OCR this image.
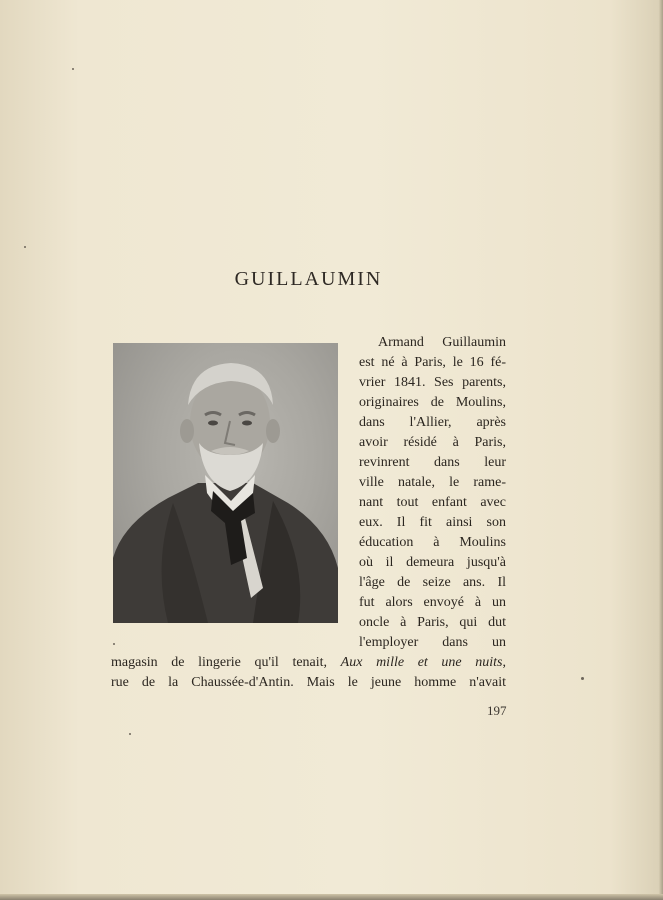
GUILLAUMIN
Armand Guillaumin
est né à Paris, le 16 fé-
vrier 1841. Ses parents,
originaires de Moulins,
dans l'Allier, après
avoir résidé à Paris,
revinrent dans leur
ville natale, le rame-
nant tout enfant avec
eux. Il fit ainsi son
éducation à Moulins
où il demeura jusqu'à
l'âge de seize ans. Il
fut alors envoyé à un
oncle à Paris, qui dut
l'employer dans un
magasin de lingerie qu'il tenait, Aux mille et une nuits,
rue de la Chaussée-d'Antin. Mais le jeune homme n'avait
197
